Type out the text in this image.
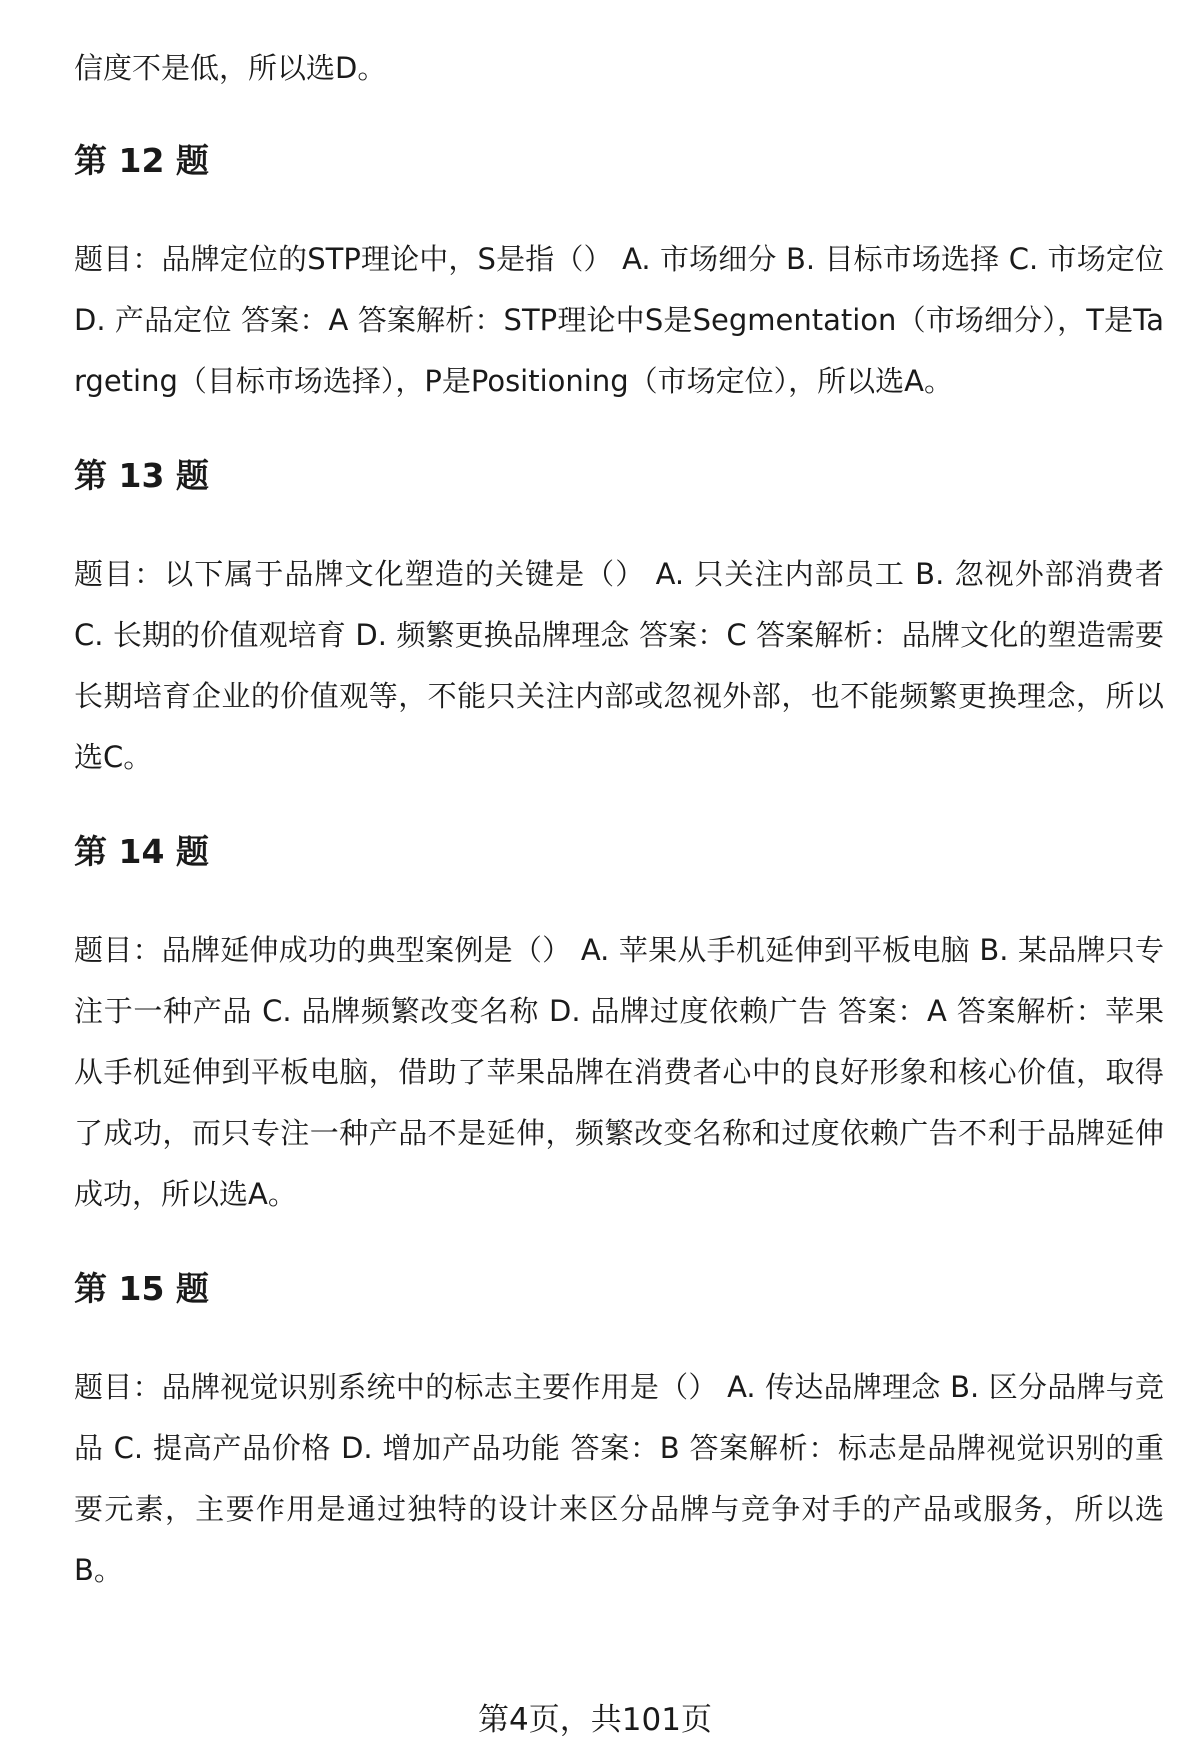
信度不是低，所以选D。

第 12 题

题目：品牌定位的STP理论中，S是指（） A. 市场细分 B. 目标市场选择 C. 市场定位 D. 产品定位 答案：A 答案解析：STP理论中S是Segmentation（市场细分），T是Targeting（目标市场选择），P是Positioning（市场定位），所以选A。

第 13 题

题目：以下属于品牌文化塑造的关键是（） A. 只关注内部员工 B. 忽视外部消费者 C. 长期的价值观培育 D. 频繁更换品牌理念 答案：C 答案解析：品牌文化的塑造需要长期培育企业的价值观等，不能只关注内部或忽视外部，也不能频繁更换理念，所以选C。

第 14 题

题目：品牌延伸成功的典型案例是（） A. 苹果从手机延伸到平板电脑 B. 某品牌只专注于一种产品 C. 品牌频繁改变名称 D. 品牌过度依赖广告 答案：A 答案解析：苹果从手机延伸到平板电脑，借助了苹果品牌在消费者心中的良好形象和核心价值，取得了成功，而只专注一种产品不是延伸，频繁改变名称和过度依赖广告不利于品牌延伸成功，所以选A。

第 15 题

题目：品牌视觉识别系统中的标志主要作用是（） A. 传达品牌理念 B. 区分品牌与竞品 C. 提高产品价格 D. 增加产品功能 答案：B 答案解析：标志是品牌视觉识别的重要元素，主要作用是通过独特的设计来区分品牌与竞争对手的产品或服务，所以选B。

第4页，共101页
